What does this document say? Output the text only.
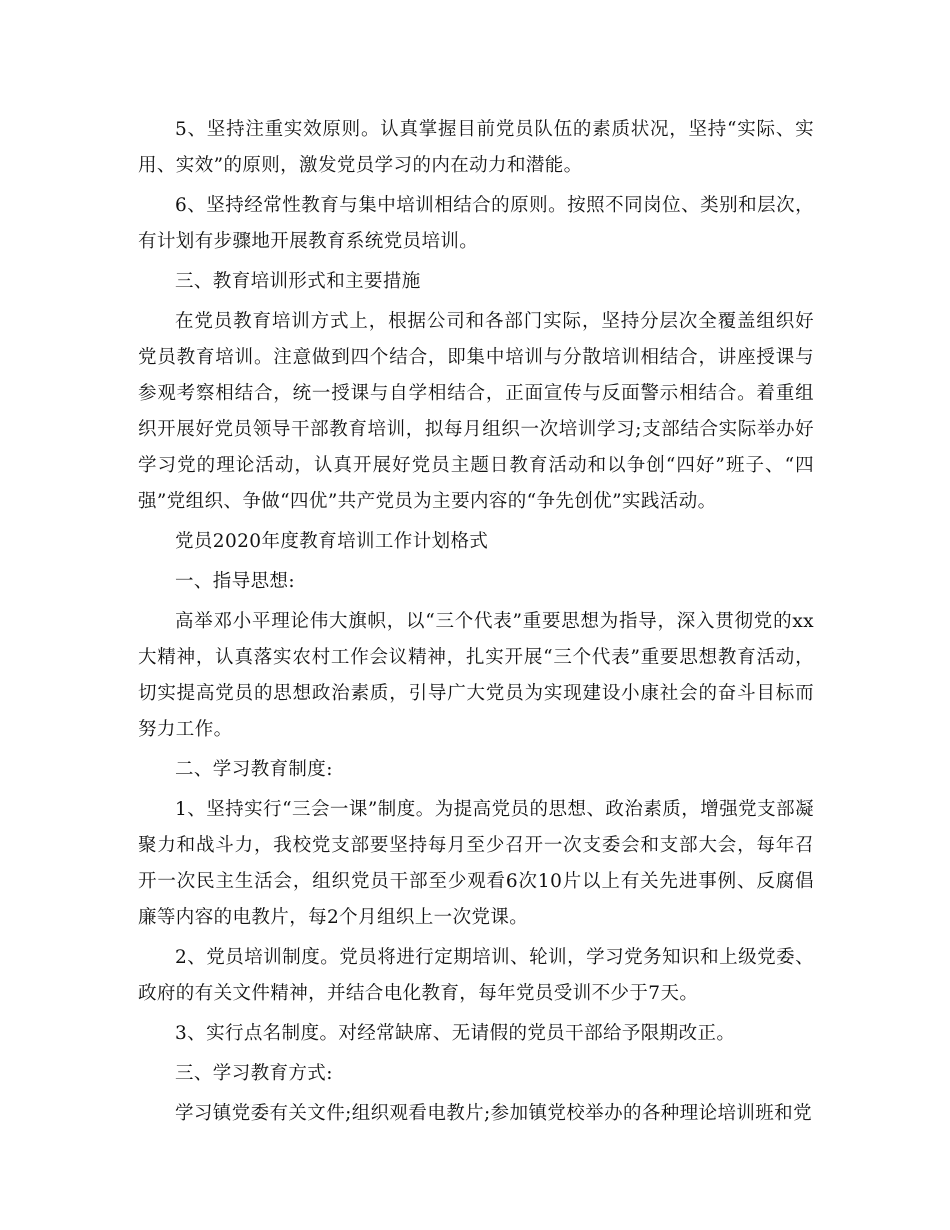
5、坚持注重实效原则。认真掌握目前党员队伍的素质状况，坚持“实际、实用、实效”的原则，激发党员学习的内在动力和潜能。

6、坚持经常性教育与集中培训相结合的原则。按照不同岗位、类别和层次，有计划有步骤地开展教育系统党员培训。

三、教育培训形式和主要措施

在党员教育培训方式上，根据公司和各部门实际，坚持分层次全覆盖组织好党员教育培训。注意做到四个结合，即集中培训与分散培训相结合，讲座授课与参观考察相结合，统一授课与自学相结合，正面宣传与反面警示相结合。着重组织开展好党员领导干部教育培训，拟每月组织一次培训学习;支部结合实际举办好学习党的理论活动，认真开展好党员主题日教育活动和以争创“四好”班子、“四强”党组织、争做“四优”共产党员为主要内容的“争先创优”实践活动。

党员2020年度教育培训工作计划格式

一、指导思想:

高举邓小平理论伟大旗帜，以“三个代表”重要思想为指导，深入贯彻党的xx大精神，认真落实农村工作会议精神，扎实开展“三个代表”重要思想教育活动，切实提高党员的思想政治素质，引导广大党员为实现建设小康社会的奋斗目标而努力工作。

二、学习教育制度:

1、坚持实行“三会一课”制度。为提高党员的思想、政治素质，增强党支部凝聚力和战斗力，我校党支部要坚持每月至少召开一次支委会和支部大会，每年召开一次民主生活会，组织党员干部至少观看6次10片以上有关先进事例、反腐倡廉等内容的电教片，每2个月组织上一次党课。

2、党员培训制度。党员将进行定期培训、轮训，学习党务知识和上级党委、政府的有关文件精神，并结合电化教育，每年党员受训不少于7天。

3、实行点名制度。对经常缺席、无请假的党员干部给予限期改正。

三、学习教育方式:

学习镇党委有关文件;组织观看电教片;参加镇党校举办的各种理论培训班和党
